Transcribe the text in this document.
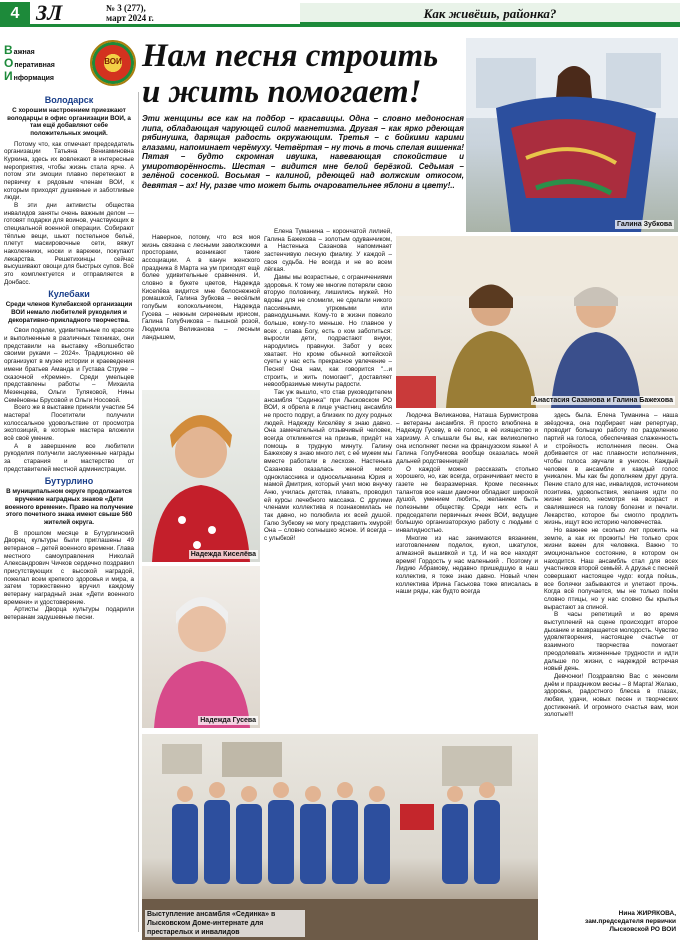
4 ЗЛ	№ 3 (277),
март 2024 г.	Как живёшь, районка?
Важная
Оперативная
Информация
ВОИ
Володарск
С хорошим настроением приезжают володарцы в офис организации ВОИ, а там ещё добавляют себе положительных эмоций.

Потому что, как отмечает председатель организации Татьяна Вениаминовна Куркина, здесь их вовлекают в интересные мероприятия, чтобы жизнь стала ярче. А потом эти эмоции плавно перетекают в первичку к рядовым членам ВОИ, к которым приходят душевные и заботливые люди.

В эти дни активисты общества инвалидов заняты очень важным делом — готовят подарки для воинов, участвующих в специальной военной операции. Собирают тёплые вещи, шьют постельное бельё, плетут маскировочные сети, вяжут наколенники, носки и варежки, покупают лекарства. Решетихинцы сейчас высушивают овощи для быстрых супов. Всё это комплектуется и отправляется в Донбасс.

Кулебаки
Среди членов Кулебакской организации ВОИ немало любителей рукоделия и декоративно-прикладного творчества.

Свои поделки, удивительные по красоте и выполненные в различных техниках, они представили на выставку «Волшебство своими руками – 2024». Традиционно её организуют в музее истории и краеведения имени братьев Аманда и Густава Струве – сказочной «Кремне». Среди умельцев представлены работы – Михаила Мезенцева, Ольги Туляковой, Нины Семёновны Брусовой и Ольги Носовой.

Всего же в выставке приняли участие 54 мастера! Посетители получили колоссальное удовольствие от просмотра экспозиций, в которые мастера вложили всё своё умение.

А в завершение все любители рукоделия получили заслуженные награды за старания и мастерство от представителей местной администрации.

Бутурлино
В муниципальном округе продолжается вручение наградных знаков «Дети военного времени». Право на получение этого почетного знака имеют свыше 560 жителей округа.

В прошлом месяце в Бутурлинский Дворец культуры были приглашены 49 ветеранов – детей военного времени. Глава местного самоуправления Николай Александрович Чичков сердечно поздравил присутствующих с высокой наградой, пожелал всем крепкого здоровья и мира, а затем торжественно вручил каждому ветерану наградный знак «Дети военного времени» и удостоверение.

Артисты Дворца культуры подарили ветеранам задушевные песни.

Нам песня строить и жить помогает!
Эти женщины все как на подбор – красавицы. Одна – словно медоносная липа, обладающая чарующей силой магнетизма. Другая – как ярко рдеющая рябинушка, дарящая радость окружающим. Третья – с бойкими карими глазами, напоминает черёмуху. Четвёртая – ну точь в точь спелая вишенка! Пятая – будто скромная ивушка, навевающая спокойствие и умиротворённость. Шестая – видится мне белой берёзкой. Седьмая – зелёной сосенкой. Восьмая – калиной, рдеющей над волжским откосом, девятая – ах! Ну, разве что может быть очаровательнее яблони в цвету!..
Галина Зубкова

Наверное, потому, что вся моя жизнь связана с лесными заволжскими просторами, возникают такие ассоциации. А в канун женского праздника 8 Марта на ум приходят ещё более удивительные сравнения. И, словно в букете цветов, Надежда Киселёва видится мне белоснежной ромашкой, Галина Зубкова – весёлым голубым колокольчиком, Надежда Гусева – нежным сиреневым ирисом, Галина Голубчикова – пышной розой, Людмила Великанова – лесным ландышем,

Елена Туманина – корончатой лилией, Галина Бажехова – золотым одуванчиком, а Настенька Сазанова напоминает застенчивую лесную фиалку. У каждой – своя судьба. Не всегда и не во всем лёгкая.

Дамы мы возрастные, с ограничениями здоровья. К тому же многие потеряли свою вторую половинку, лишились мужей. Но вдовы для не сломили, не сделали никого пассивными, угрюмыми или равнодушными. Кому-то в жизни повезло больше, кому-то меньше. Но главное у всех , слава Богу, есть о ком заботиться: выросли дети, подрастают внуки, народились правнуки. Забот у всех хватает. Но кроме обычной житейской суеты у нас есть прекрасное увлечение – Песня! Она нам, как говорится "...и строить, и жить помогает", доставляет невообразимые минуты радости.

Так уж вышло, что став руководителем ансамбля "Сединка" при Лысковском РО ВОИ, я обрела в лице участниц ансамбля не просто подруг, а близких по духу родных людей. Надежду Киселёву я знаю давно. Она замечательный отзывчивый человек, всегда откликнется на призыв, придёт на помощь в трудную минуту. Галину Бажехову я знаю много лет, с её мужем мы вместе работали в лесхозе. Настенька Сазанова оказалась женой моего одноклассника и односельчанина Юрия и мамой Дмитрия, который учил мою внучку Аню, училась детства, плавать, проводил ей курсы лечебного массажа. С другими членами коллектива я познакомилась не так давно, но полюбила их всей душой. Галю Зубкову не могу представить хмурой! Она – словно солнышко ясное. И всегда – с улыбкой!

Анастасия Сазанова и Галина Бажехова

Людочка Великанова, Наташа Бурмистрова – ветераны ансамбля. Я просто влюблена в Надежду Гусеву, в её голос, в её изящество и харизму. А слышали бы вы, как великолепно она исполняет песни на французском языке! А Галина Голубчикова вообще оказалась моей дальней родственницей!

О каждой можно рассказать столько хорошего, но, как всегда, ограничивает место в газете не безразмерная. Кроме песенных талантов все наши дамочки обладают широкой душой, умением любить, желанием быть полезными обществу. Среди них есть и председатели первичных ячеек ВОИ, ведущие большую организаторскую работу с людьми с инвалидностью.

Многие из нас занимаются вязанием, изготовлением поделок, кукол, шкатулок, алмазной вышивкой и т.д. И на все находят время! Гордость у нас маленький . Поэтому и Лидию Абрамову, недавно пришедшую в наш коллектив, я тоже знаю давно. Новый член коллектива Ирина Гаськова тоже вписалась в наши ряды, как будто всегда

здесь была. Елена Туманина – наша звёздочка, она подбирает нам репертуар, проводит большую работу по разделению партий на голоса, обеспечивая слаженность и стройность исполнения песен. Она добивается от нас плавности исполнения, чтобы голоса звучали в унисон. Каждый человек в ансамбле и каждый голос уникален. Мы как бы дополняем друг друга. Пение стало для нас, инвалидов, источником позитива, удовольствия, желания идти по жизни весело, несмотря на возраст и свалившиеся на голову болезни и печали. Лекарство, которое бы смогло продлить жизнь, ищут всю историю человечества.

Но важнее не сколько лет прожить на земле, а как их прожить! Не только срок жизни важен для человека. Важно то эмоциональное состояние, в котором он находится. Наш ансамбль стал для всех участников второй семьёй. А друзья с песней совершают настоящее чудо: когда поёшь, все болячки забываются и улетают прочь. Когда всё получается, мы не только поём словно птицы, но у нас словно бы крылья вырастают за спиной.

В часы репетиций и во время выступлений на сцене происходит второе дыхание и возвращается молодость. Чувство удовлетворения, настоящее счастье от взаимного творчества помогает преодолевать жизненные трудности и идти дальше по жизни, с надеждой встречая новый день.

Девчонки! Поздравляю Вас с женским днём и праздником весны – 8 Марта! Желаю, здоровья, радостного блеска в глазах, любви, удачи, новых песен и творческих достижений. И огромного счастья вам, мои золотые!!!

Нина ЖИРЯКОВА,
зам.председателя первички Лысковской РО ВОИ
Надежда Киселёва
Надежда Гусева
Выступление ансамбля «Сединка» в Лысковском Доме-интернате для престарелых и инвалидов
